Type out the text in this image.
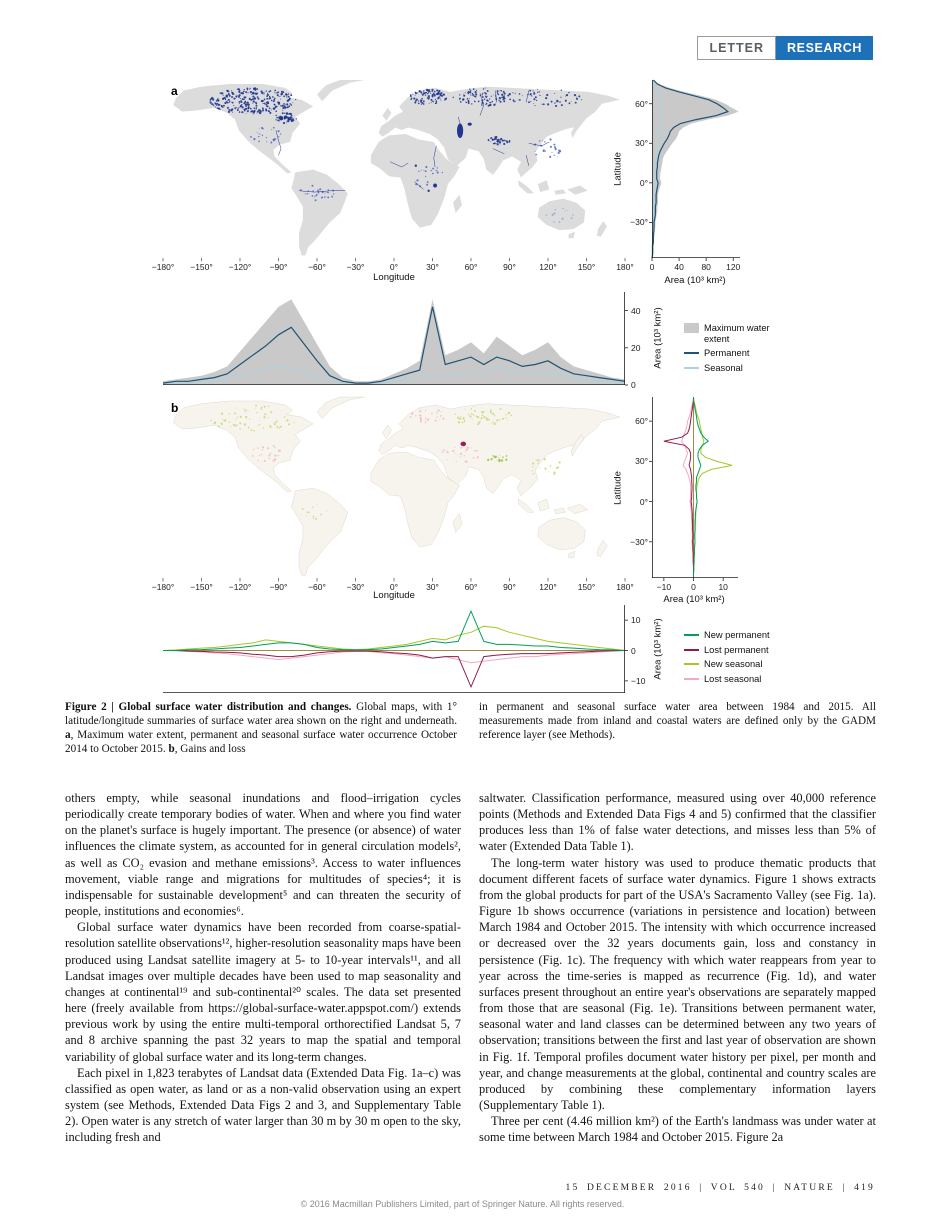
LETTER	RESEARCH
a
b
−180° −150° −120° −90° −60° −30°	0°	30°	60°	90°	120° 150° 180°
−180° −150° −120° −90° −60° −30°	0°	30°	60°	90°	120° 150° 180°
60°
30°
0°
−30°
0 40 80 120
60°
30°
0°
−30°
−10 0	10
40
20
0
10
0
−10
Longitude
Longitude
Latitude
Latitude
Area (10³ km²)
Area (10³ km²)
Area (10³ km²)
Area (10³ km²)
Maximum water extent
Permanent
Seasonal
New permanent
Lost permanent
New seasonal
Lost seasonal
Figure 2 | Global surface water distribution and changes. Global maps, with 1° latitude/longitude summaries of surface water area shown on the right and underneath. a, Maximum water extent, permanent and seasonal surface water occurrence October 2014 to October 2015. b, Gains and loss
in permanent and seasonal surface water area between 1984 and 2015. All measurements made from inland and coastal waters are defined only by the GADM reference layer (see Methods).

others empty, while seasonal inundations and flood–irrigation cycles periodically create temporary bodies of water. When and where you find water on the planet's surface is hugely important. The presence (or absence) of water influences the climate system, as accounted for in general circulation models², as well as CO₂ evasion and methane emissions³. Access to water influences movement, viable range and migrations for multitudes of species⁴; it is indispensable for sustainable development⁵ and can threaten the security of people, institutions and economies⁶.

Global surface water dynamics have been recorded from coarse-spatial-resolution satellite observations¹², higher-resolution seasonality maps have been produced using Landsat satellite imagery at 5- to 10-year intervals¹¹, and all Landsat images over multiple decades have been used to map seasonality and changes at continental¹⁹ and sub-continental²⁰ scales. The data set presented here (freely available from https://global-surface-water.appspot.com/) extends previous work by using the entire multi-temporal orthorectified Landsat 5, 7 and 8 archive spanning the past 32 years to map the spatial and temporal variability of global surface water and its long-term changes.

Each pixel in 1,823 terabytes of Landsat data (Extended Data Fig. 1a–c) was classified as open water, as land or as a non-valid observation using an expert system (see Methods, Extended Data Figs 2 and 3, and Supplementary Table 2). Open water is any stretch of water larger than 30 m by 30 m open to the sky, including fresh and

saltwater. Classification performance, measured using over 40,000 reference points (Methods and Extended Data Figs 4 and 5) confirmed that the classifier produces less than 1% of false water detections, and misses less than 5% of water (Extended Data Table 1).

The long-term water history was used to produce thematic products that document different facets of surface water dynamics. Figure 1 shows extracts from the global products for part of the USA's Sacramento Valley (see Fig. 1a). Figure 1b shows occurrence (variations in persistence and location) between March 1984 and October 2015. The intensity with which occurrence increased or decreased over the 32 years documents gain, loss and constancy in persistence (Fig. 1c). The frequency with which water reappears from year to year across the time-series is mapped as recurrence (Fig. 1d), and water surfaces present throughout an entire year's observations are separately mapped from those that are seasonal (Fig. 1e). Transitions between permanent water, seasonal water and land classes can be determined between any two years of observation; transitions between the first and last year of observation are shown in Fig. 1f. Temporal profiles document water history per pixel, per month and year, and change measurements at the global, continental and country scales are produced by combining these complementary information layers (Supplementary Table 1).

Three per cent (4.46 million km²) of the Earth's landmass was under water at some time between March 1984 and October 2015. Figure 2a

15 DECEMBER 2016 | VOL 540 | NATURE | 419
© 2016 Macmillan Publishers Limited, part of Springer Nature. All rights reserved.
